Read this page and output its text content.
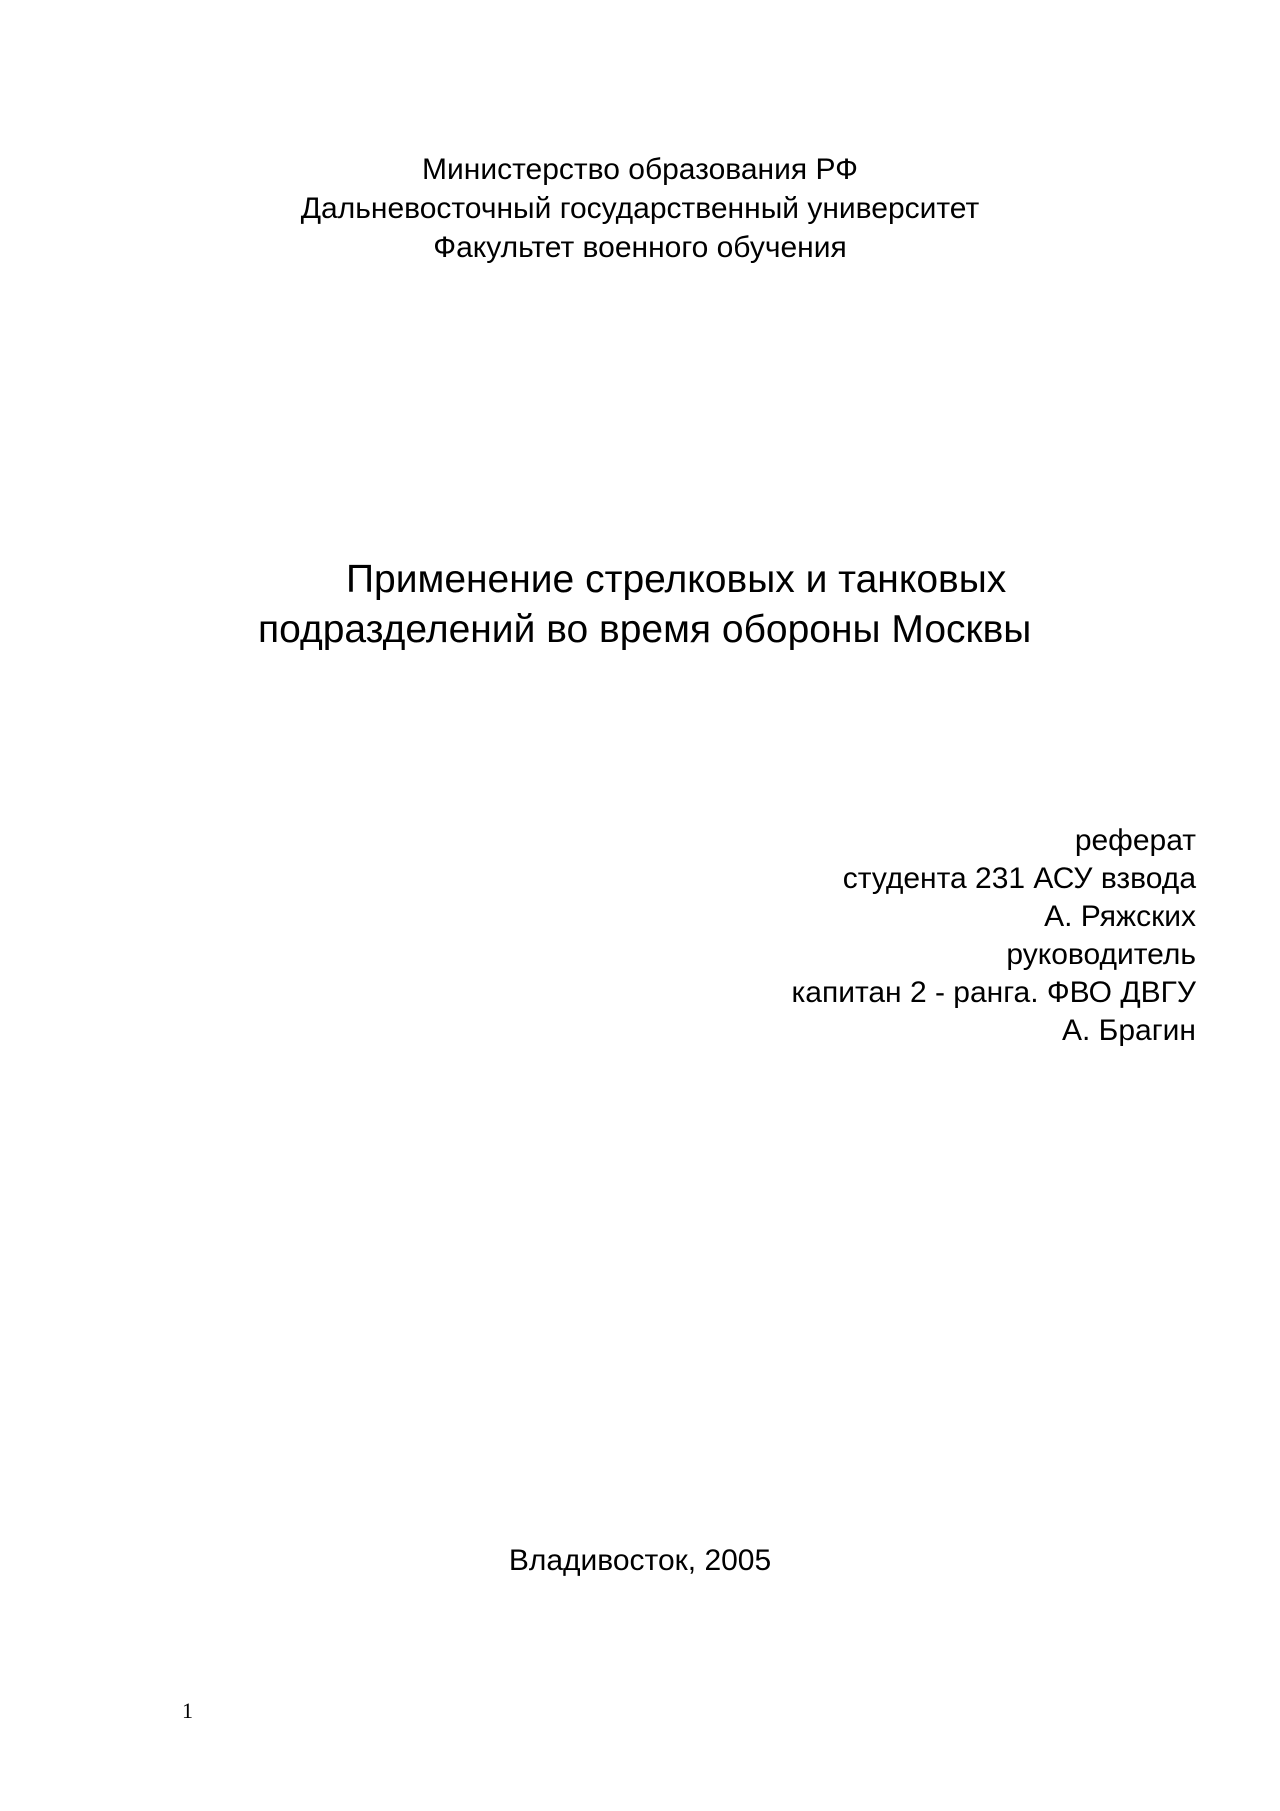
Министерство образования РФ
Дальневосточный государственный университет
Факультет военного обучения
Применение стрелковых и танковых
подразделений во время обороны Москвы
реферат
студента 231 АСУ взвода
А. Ряжских
руководитель
капитан 2 - ранга. ФВО ДВГУ
А. Брагин
Владивосток, 2005
1
